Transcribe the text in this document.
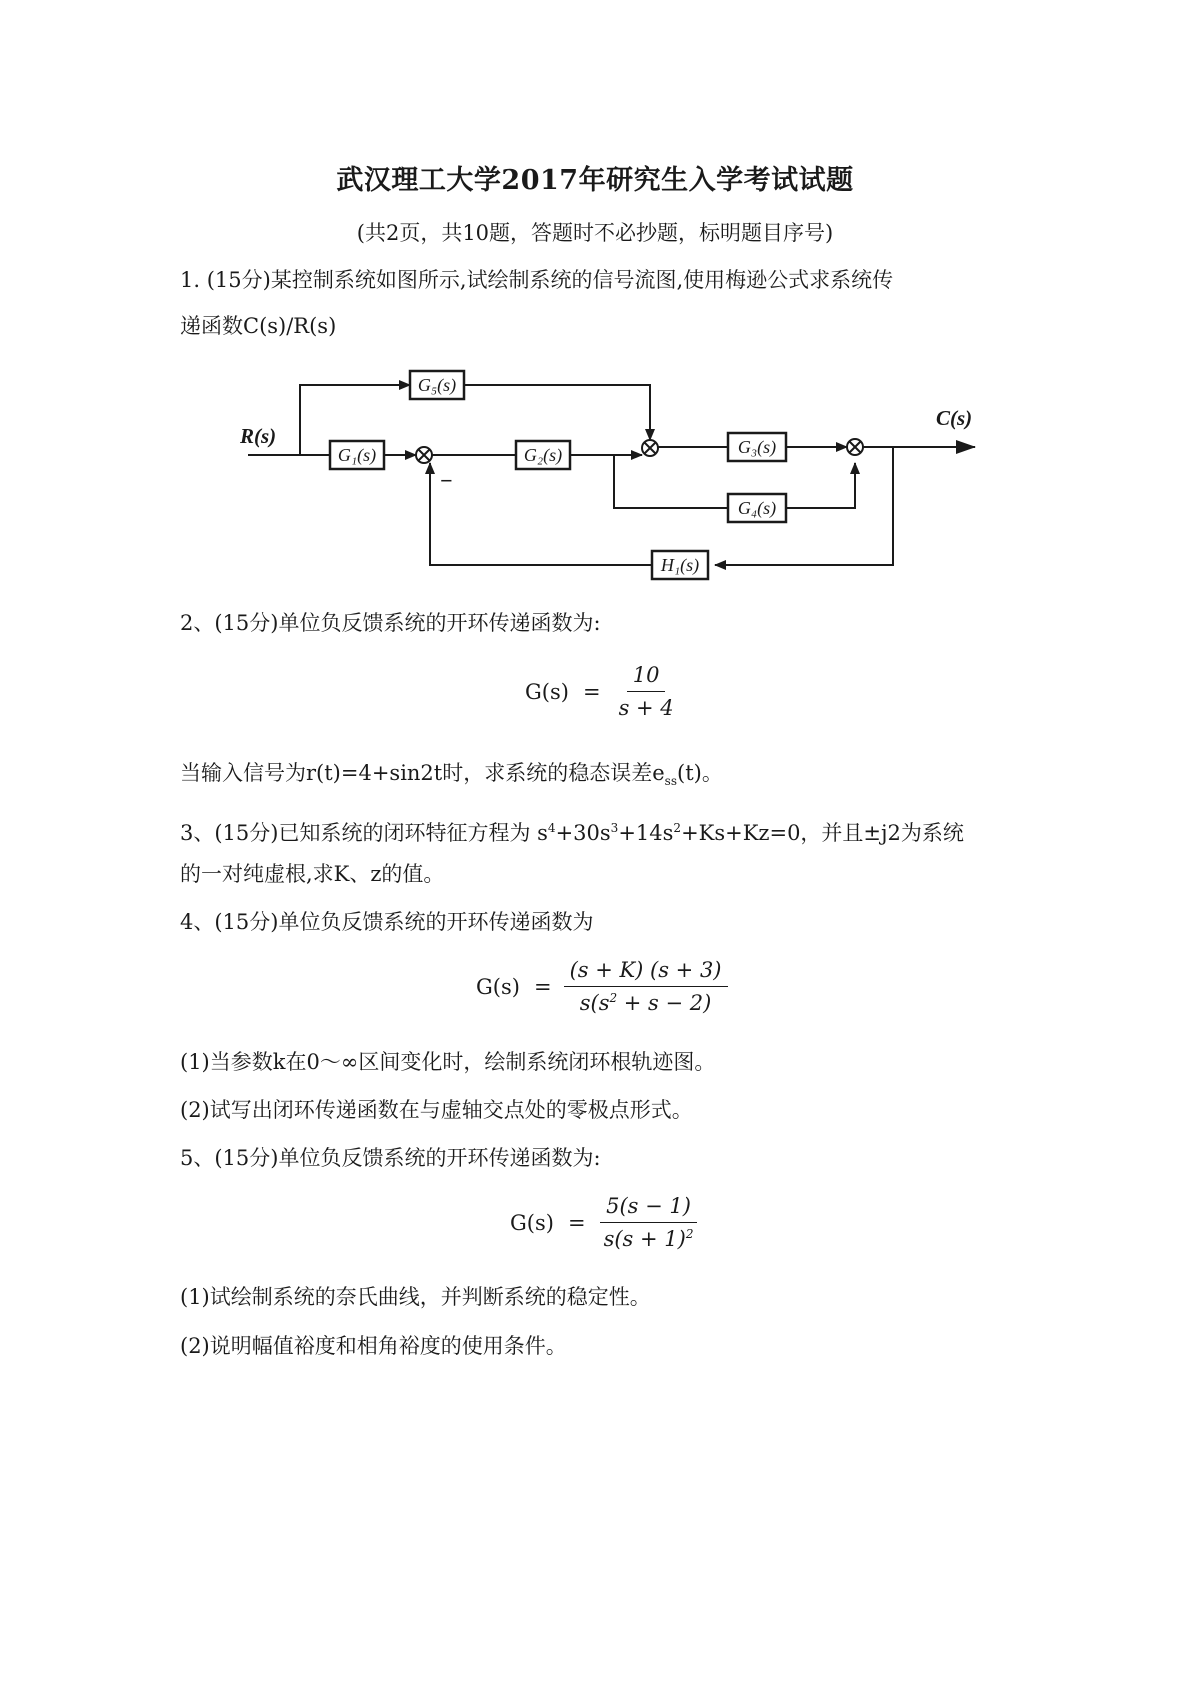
武汉理工大学2017年研究生入学考试试题
(共2页，共10题，答题时不必抄题，标明题目序号)
1. (15分)某控制系统如图所示,试绘制系统的信号流图,使用梅逊公式求系统传
递函数C(s)/R(s)
G₁(s)	G₂(s)	G₃(s)
G₄(s)
G₅(s)
H₁(s)
R(s)
C(s)
−
2、(15分)单位负反馈系统的开环传递函数为:
$G(s) = \frac{10}{s + 4}$
当输入信号为r(t)=4+sin2t时，求系统的稳态误差$e_{ss}(t)$。
3、(15分)已知系统的闭环特征方程为 $s^4+30s^3+14s^2+Ks+Kz=0$，并且±j2为系统
的一对纯虚根,求K、z的值。
4、(15分)单位负反馈系统的开环传递函数为
$G(s) = \frac{(s + K) (s + 3)}{s(s^2 + s - 2)}$
(1)当参数k在0～∞区间变化时，绘制系统闭环根轨迹图。
(2)试写出闭环传递函数在与虚轴交点处的零极点形式。
5、(15分)单位负反馈系统的开环传递函数为:
$G(s) = \frac{5(s - 1)}{s(s + 1)^2}$
(1)试绘制系统的奈氏曲线，并判断系统的稳定性。
(2)说明幅值裕度和相角裕度的使用条件。
